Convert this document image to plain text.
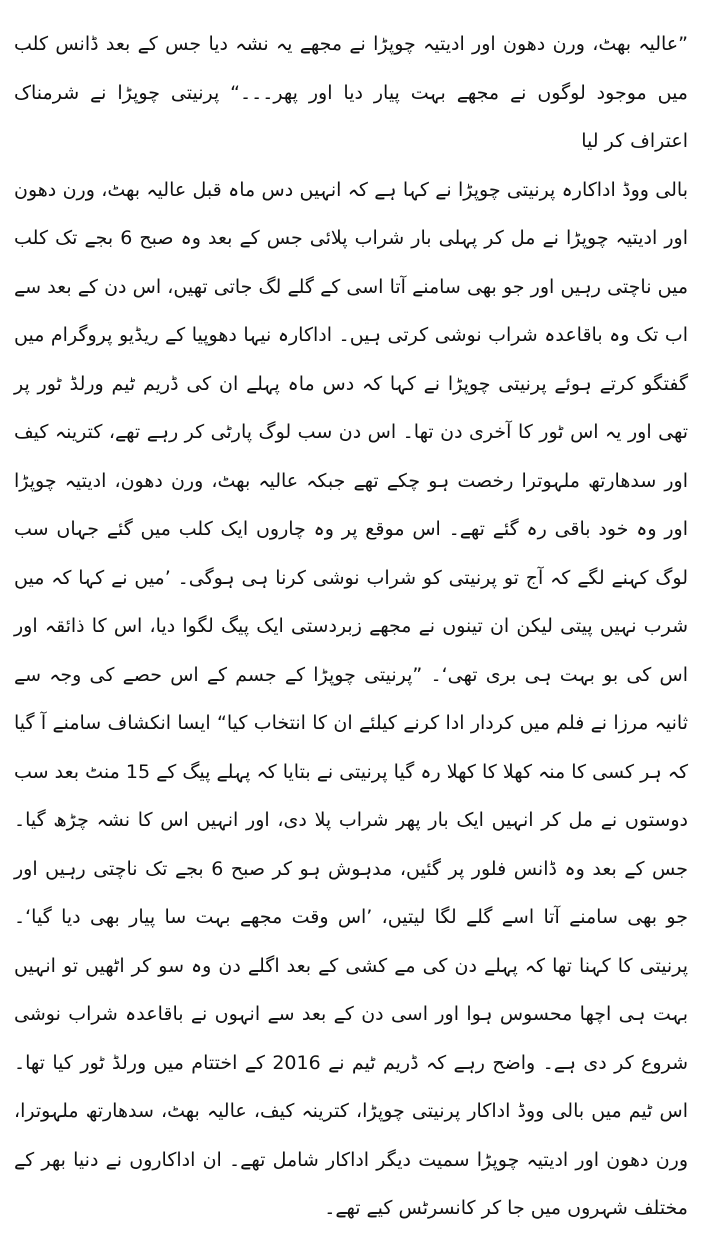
”عالیہ بھٹ، ورن دھون اور ادیتیہ چوپڑا نے مجھے یہ نشہ دیا جس کے بعد ڈانس کلب میں موجود لوگوں نے مجھے بہت پیار دیا اور پھر۔۔۔“ پرنیتی چوپڑا نے شرمناک اعتراف کر لیا

بالی ووڈ اداکارہ پرنیتی چوپڑا نے کہا ہے کہ انہیں دس ماہ قبل عالیہ بھٹ، ورن دھون اور ادیتیہ چوپڑا نے مل کر پہلی بار شراب پلائی جس کے بعد وہ صبح 6 بجے تک کلب میں ناچتی رہیں اور جو بھی سامنے آتا اسی کے گلے لگ جاتی تھیں، اس دن کے بعد سے اب تک وہ باقاعدہ شراب نوشی کرتی ہیں۔ اداکارہ نیہا دھوپیا کے ریڈیو پروگرام میں گفتگو کرتے ہوئے پرنیتی چوپڑا نے کہا کہ دس ماہ پہلے ان کی ڈریم ٹیم ورلڈ ٹور پر تھی اور یہ اس ٹور کا آخری دن تھا۔ اس دن سب لوگ پارٹی کر رہے تھے، کترینہ کیف اور سدھارتھ ملہوترا رخصت ہو چکے تھے جبکہ عالیہ بھٹ، ورن دھون، ادیتیہ چوپڑا اور وہ خود باقی رہ گئے تھے۔ اس موقع پر وہ چاروں ایک کلب میں گئے جہاں سب لوگ کہنے لگے کہ آج تو پرنیتی کو شراب نوشی کرنا ہی ہوگی۔ ’میں نے کہا کہ میں شرب نہیں پیتی لیکن ان تینوں نے مجھے زبردستی ایک پیگ لگوا دیا، اس کا ذائقہ اور اس کی بو بہت ہی بری تھی‘۔ ”پرنیتی چوپڑا کے جسم کے اس حصے کی وجہ سے ثانیہ مرزا نے فلم میں کردار ادا کرنے کیلئے ان کا انتخاب کیا“ ایسا انکشاف سامنے آ گیا کہ ہر کسی کا منہ کھلا کا کھلا رہ گیا پرنیتی نے بتایا کہ پہلے پیگ کے 15 منٹ بعد سب دوستوں نے مل کر انہیں ایک بار پھر شراب پلا دی، اور انہیں اس کا نشہ چڑھ گیا۔ جس کے بعد وہ ڈانس فلور پر گئیں، مدہوش ہو کر صبح 6 بجے تک ناچتی رہیں اور جو بھی سامنے آتا اسے گلے لگا لیتیں، ’اس وقت مجھے بہت سا پیار بھی دیا گیا‘۔ پرنیتی کا کہنا تھا کہ پہلے دن کی مے کشی کے بعد اگلے دن وہ سو کر اٹھیں تو انہیں بہت ہی اچھا محسوس ہوا اور اسی دن کے بعد سے انہوں نے باقاعدہ شراب نوشی شروع کر دی ہے۔ واضح رہے کہ ڈریم ٹیم نے 2016 کے اختتام میں ورلڈ ٹور کیا تھا۔ اس ٹیم میں بالی ووڈ اداکار پرنیتی چوپڑا، کترینہ کیف، عالیہ بھٹ، سدھارتھ ملہوترا، ورن دھون اور ادیتیہ چوپڑا سمیت دیگر اداکار شامل تھے۔ ان اداکاروں نے دنیا بھر کے مختلف شہروں میں جا کر کانسرٹس کیے تھے۔
